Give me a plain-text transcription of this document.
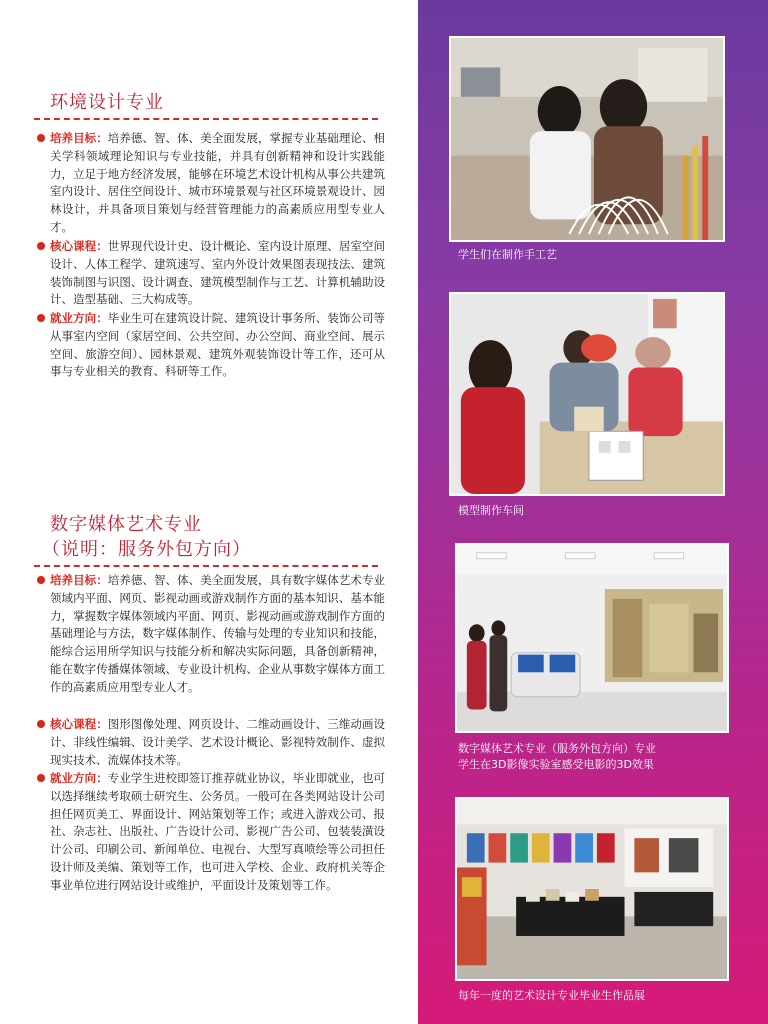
环境设计专业
培养目标：培养德、智、体、美全面发展，掌握专业基础理论、相关学科领域理论知识与专业技能，并具有创新精神和设计实践能力，立足于地方经济发展，能够在环境艺术设计机构从事公共建筑室内设计、居住空间设计、城市环境景观与社区环境景观设计、园林设计，并具备项目策划与经营管理能力的高素质应用型专业人才。
核心课程：世界现代设计史、设计概论、室内设计原理、居室空间设计、人体工程学、建筑速写、室内外设计效果图表现技法、建筑装饰制图与识图、设计调查、建筑模型制作与工艺、计算机辅助设计、造型基础、三大构成等。
就业方向：毕业生可在建筑设计院、建筑设计事务所、装饰公司等从事室内空间（家居空间、公共空间、办公空间、商业空间、展示空间、旅游空间）、园林景观、建筑外观装饰设计等工作，还可从事与专业相关的教育、科研等工作。
数字媒体艺术专业
（说明：服务外包方向）
培养目标：培养德、智、体、美全面发展，具有数字媒体艺术专业领域内平面、网页、影视动画或游戏制作方面的基本知识、基本能力，掌握数字媒体领域内平面、网页、影视动画或游戏制作方面的基础理论与方法，数字媒体制作、传输与处理的专业知识和技能，能综合运用所学知识与技能分析和解决实际问题，具备创新精神，能在数字传播媒体领域、专业设计机构、企业从事数字媒体方面工作的高素质应用型专业人才。
核心课程：图形图像处理、网页设计、二维动画设计、三维动画设计、非线性编辑、设计美学、艺术设计概论、影视特效制作、虚拟现实技术、流媒体技术等。
就业方向：专业学生进校即签订推荐就业协议，毕业即就业，也可以选择继续考取硕士研究生、公务员。一般可在各类网站设计公司担任网页美工、界面设计、网站策划等工作；或进入游戏公司、报社、杂志社、出版社、广告设计公司、影视广告公司、包装装潢设计公司、印刷公司、新闻单位、电视台、大型写真喷绘等公司担任设计师及美编、策划等工作，也可进入学校、企业、政府机关等企事业单位进行网站设计或维护，平面设计及策划等工作。
学生们在制作手工艺
模型制作车间
数字媒体艺术专业（服务外包方向）专业
学生在3D影像实验室感受电影的3D效果
每年一度的艺术设计专业毕业生作品展
